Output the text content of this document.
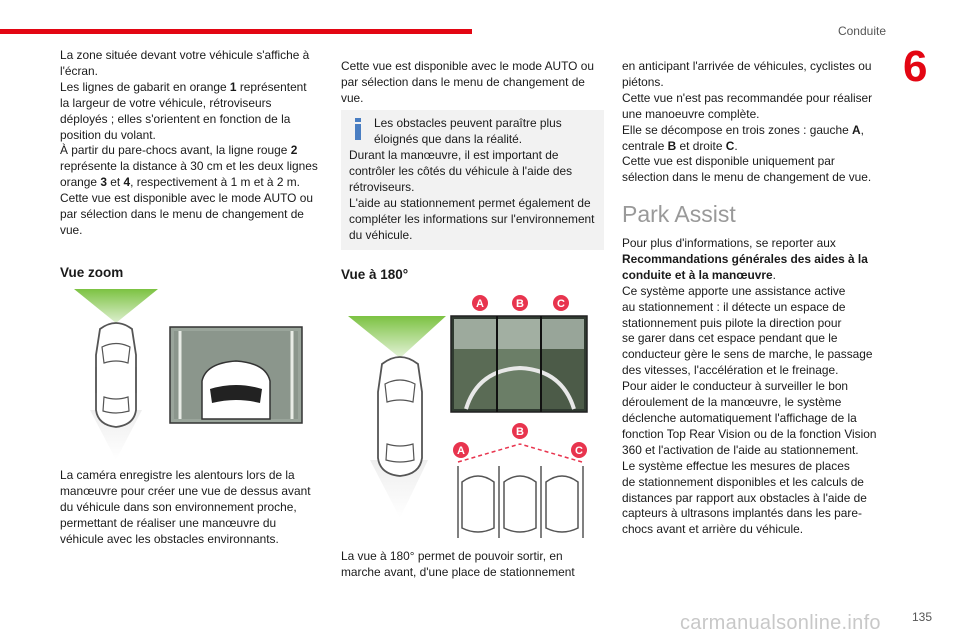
Conduite
6

La zone située devant votre véhicule s'affiche à

l'écran.

Les lignes de gabarit en orange 1 représentent

la largeur de votre véhicule, rétroviseurs

déployés ; elles s'orientent en fonction de la

position du volant.

À partir du pare-chocs avant, la ligne rouge 2

représente la distance à 30 cm et les deux lignes

orange 3 et 4, respectivement à 1 m et à 2 m.

Cette vue est disponible avec le mode AUTO ou

par sélection dans le menu de changement de

vue.

Vue zoom

La caméra enregistre les alentours lors de la

manœuvre pour créer une vue de dessus avant

du véhicule dans son environnement proche,

permettant de réaliser une manœuvre du

véhicule avec les obstacles environnants.

Cette vue est disponible avec le mode AUTO ou

par sélection dans le menu de changement de

vue.

Les obstacles peuvent paraître plus éloignés que dans la réalité.
Durant la manœuvre, il est important de contrôler les côtés du véhicule à l'aide des rétroviseurs.
L'aide au stationnement permet également de compléter les informations sur l'environnement du véhicule.
Vue à 180°
A	B	C
B
A	C

La vue à 180° permet de pouvoir sortir, en

marche avant, d'une place de stationnement

en anticipant l'arrivée de véhicules, cyclistes ou

piétons.

Cette vue n'est pas recommandée pour réaliser

une manoeuvre complète.

Elle se décompose en trois zones : gauche A,

centrale B et droite C.

Cette vue est disponible uniquement par

sélection dans le menu de changement de vue.

Park Assist

Pour plus d'informations, se reporter aux

Recommandations générales des aides à la

conduite et à la manœuvre.

Ce système apporte une assistance active

au stationnement : il détecte un espace de

stationnement puis pilote la direction pour

se garer dans cet espace pendant que le

conducteur gère le sens de marche, le passage

des vitesses, l'accélération et le freinage.

Pour aider le conducteur à surveiller le bon

déroulement de la manœuvre, le système

déclenche automatiquement l'affichage de la

fonction Top Rear Vision ou de la fonction Vision

360 et l'activation de l'aide au stationnement.

Le système effectue les mesures de places

de stationnement disponibles et les calculs de

distances par rapport aux obstacles à l'aide de

capteurs à ultrasons implantés dans les pare-

chocs avant et arrière du véhicule.

carmanualsonline.info	135
